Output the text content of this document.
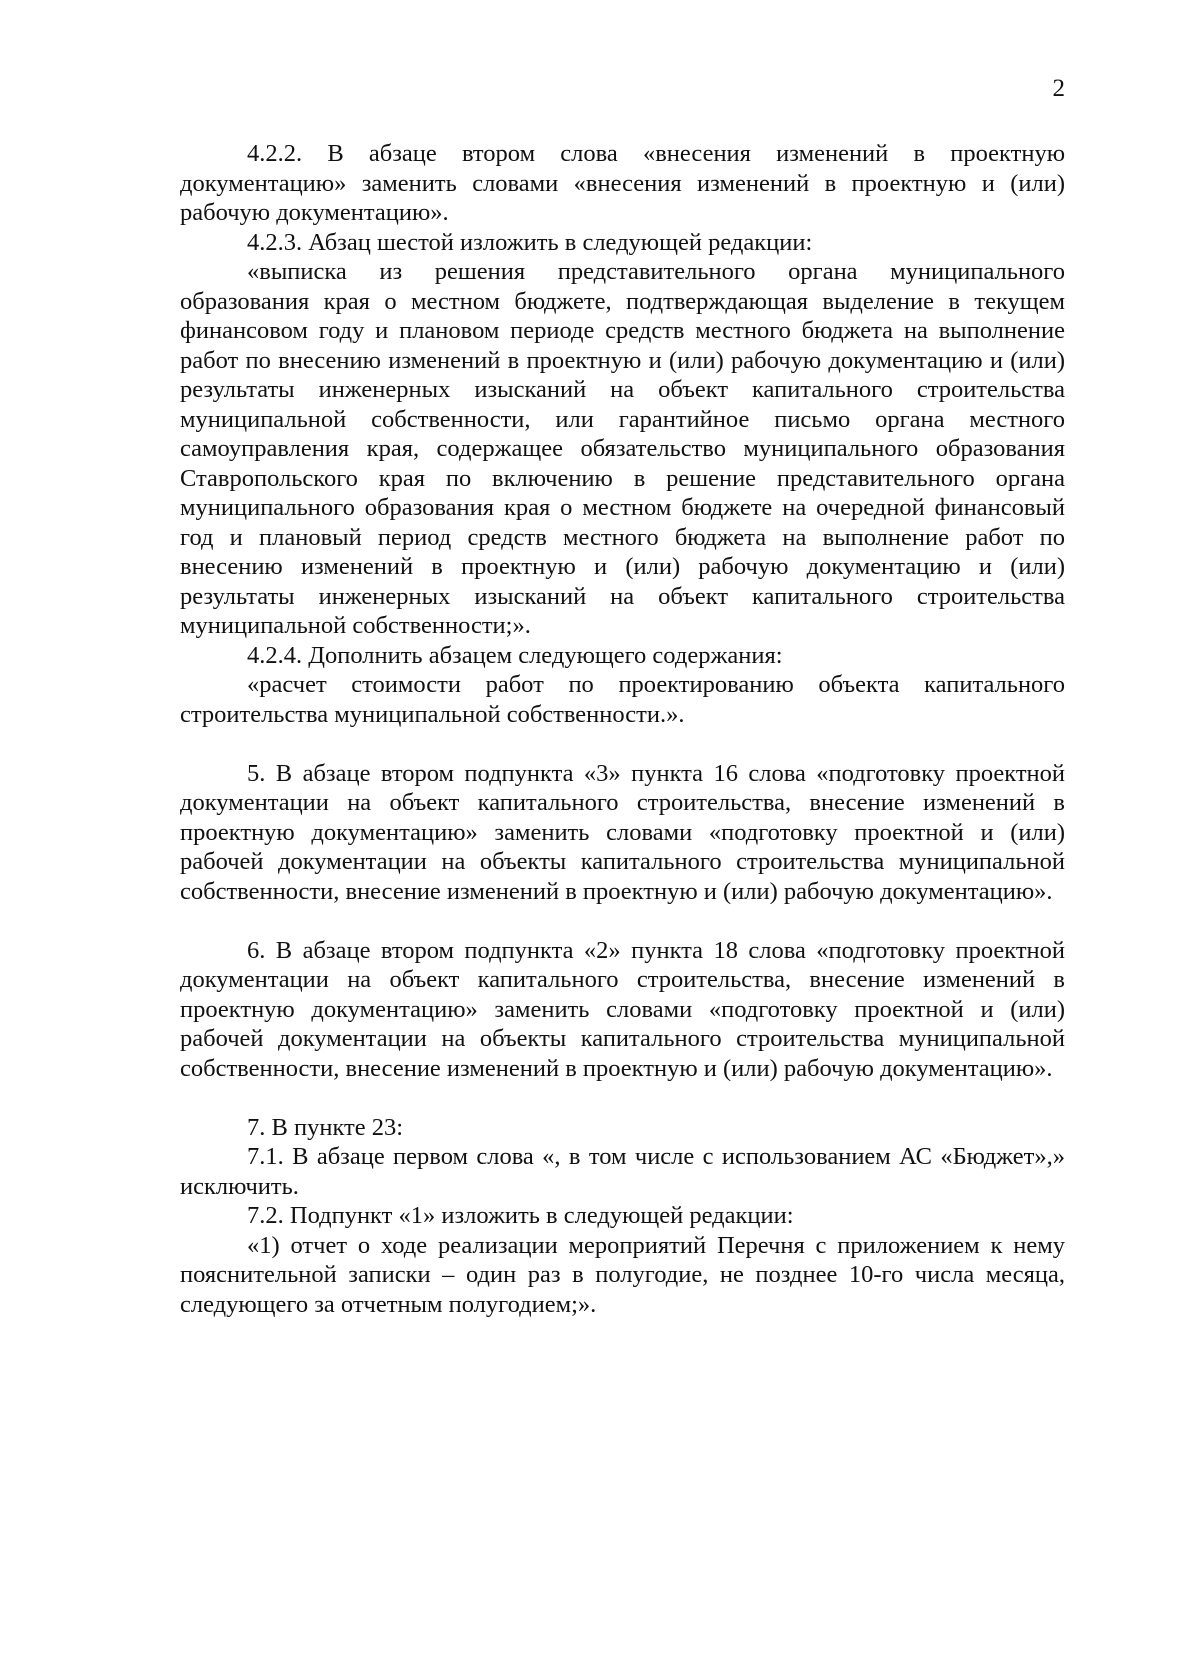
2

4.2.2. В абзаце втором слова «внесения изменений в проектную документацию» заменить словами «внесения изменений в проектную и (или) рабочую документацию».

4.2.3. Абзац шестой изложить в следующей редакции:

«выписка из решения представительного органа муниципального образования края о местном бюджете, подтверждающая выделение в текущем финансовом году и плановом периоде средств местного бюджета на выполнение работ по внесению изменений в проектную и (или) рабочую документацию и (или) результаты инженерных изысканий на объект капитального строительства муниципальной собственности, или гарантийное письмо органа местного самоуправления края, содержащее обязательство муниципального образования Ставропольского края по включению в решение представительного органа муниципального образования края о местном бюджете на очередной финансовый год и плановый период средств местного бюджета на выполнение работ по внесению изменений в проектную и (или) рабочую документацию и (или) результаты инженерных изысканий на объект капитального строительства муниципальной собственности;».

4.2.4. Дополнить абзацем следующего содержания:

«расчет стоимости работ по проектированию объекта капитального строительства муниципальной собственности.».

5. В абзаце втором подпункта «3» пункта 16 слова «подготовку проектной документации на объект капитального строительства, внесение изменений в проектную документацию» заменить словами «подготовку проектной и (или) рабочей документации на объекты капитального строительства муниципальной собственности, внесение изменений в проектную и (или) рабочую документацию».

6. В абзаце втором подпункта «2» пункта 18 слова «подготовку проектной документации на объект капитального строительства, внесение изменений в проектную документацию» заменить словами «подготовку проектной и (или) рабочей документации на объекты капитального строительства муниципальной собственности, внесение изменений в проектную и (или) рабочую документацию».

7. В пункте 23:

7.1. В абзаце первом слова «, в том числе с использованием АС «Бюджет»,» исключить.

7.2. Подпункт «1» изложить в следующей редакции:

«1) отчет о ходе реализации мероприятий Перечня с приложением к нему пояснительной записки – один раз в полугодие, не позднее 10-го числа месяца, следующего за отчетным полугодием;».
